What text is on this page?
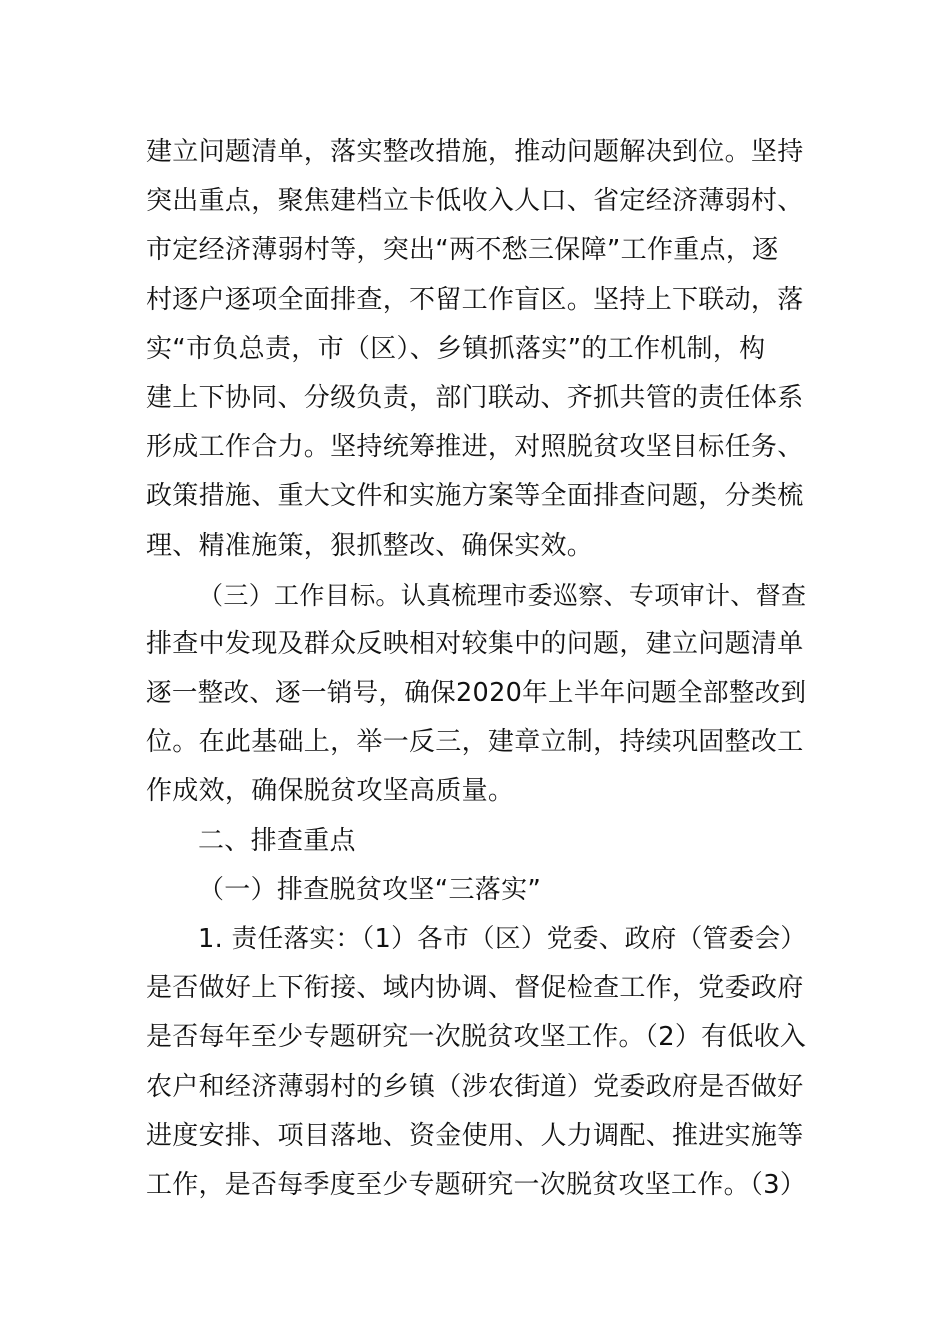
建立问题清单，落实整改措施，推动问题解决到位。坚持
突出重点，聚焦建档立卡低收入人口、省定经济薄弱村、
市定经济薄弱村等，突出“两不愁三保障”工作重点，逐
村逐户逐项全面排查，不留工作盲区。坚持上下联动，落
实“市负总责，市（区）、乡镇抓落实”的工作机制，构
建上下协同、分级负责，部门联动、齐抓共管的责任体系
形成工作合力。坚持统筹推进，对照脱贫攻坚目标任务、
政策措施、重大文件和实施方案等全面排查问题，分类梳
理、精准施策，狠抓整改、确保实效。
（三）工作目标。认真梳理市委巡察、专项审计、督查
排查中发现及群众反映相对较集中的问题，建立问题清单
逐一整改、逐一销号，确保2020年上半年问题全部整改到
位。在此基础上，举一反三，建章立制，持续巩固整改工
作成效，确保脱贫攻坚高质量。
二、排查重点
（一）排查脱贫攻坚“三落实”
1. 责任落实：（1）各市（区）党委、政府（管委会）
是否做好上下衔接、域内协调、督促检查工作，党委政府
是否每年至少专题研究一次脱贫攻坚工作。（2）有低收入
农户和经济薄弱村的乡镇（涉农街道）党委政府是否做好
进度安排、项目落地、资金使用、人力调配、推进实施等
工作，是否每季度至少专题研究一次脱贫攻坚工作。（3）
